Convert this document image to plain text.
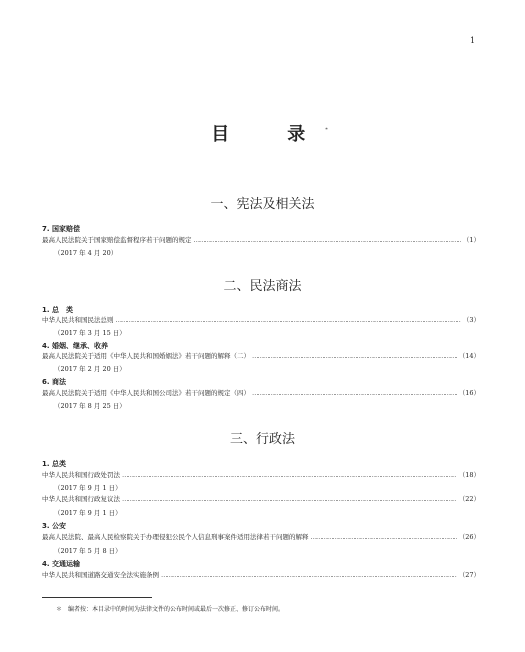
1
目　录*
一、宪法及相关法
7. 国家赔偿
最高人民法院关于国家赔偿监督程序若干问题的规定 …………………………………………………………………………………………………………………………………………………………………………………………………………………	（1）
（2017 年 4 月 20）
二、民法商法
1. 总　类
中华人民共和国民法总则 …………………………………………………………………………………………………………………………………………………………………………………………………………………	（3）
（2017 年 3 月 15 日）
4. 婚姻、继承、收养
最高人民法院关于适用《中华人民共和国婚姻法》若干问题的解释（二） …………………………………………………………………………………………………………………………………………………………………………………………………………………	（14）
（2017 年 2 月 20 日）
6. 商法
最高人民法院关于适用《中华人民共和国公司法》若干问题的规定（四） …………………………………………………………………………………………………………………………………………………………………………………………………………………	（16）
（2017 年 8 月 25 日）
三、行政法
1. 总类
中华人民共和国行政处罚法 …………………………………………………………………………………………………………………………………………………………………………………………………………………	（18）
（2017 年 9 月 1 日）
中华人民共和国行政复议法 …………………………………………………………………………………………………………………………………………………………………………………………………………………	（22）
（2017 年 9 月 1 日）
3. 公安
最高人民法院、最高人民检察院关于办理侵犯公民个人信息刑事案件适用法律若干问题的解释 …………………………………………………………………………………………………………………………………………………………………………………………………………………	（26）
（2017 年 5 月 8 日）
4. 交通运输
中华人民共和国道路交通安全法实施条例 …………………………………………………………………………………………………………………………………………………………………………………………………………………	（27）
＊　编者按：本目录中的时间为法律文件的公布时间或最后一次修正、修订公布时间。
